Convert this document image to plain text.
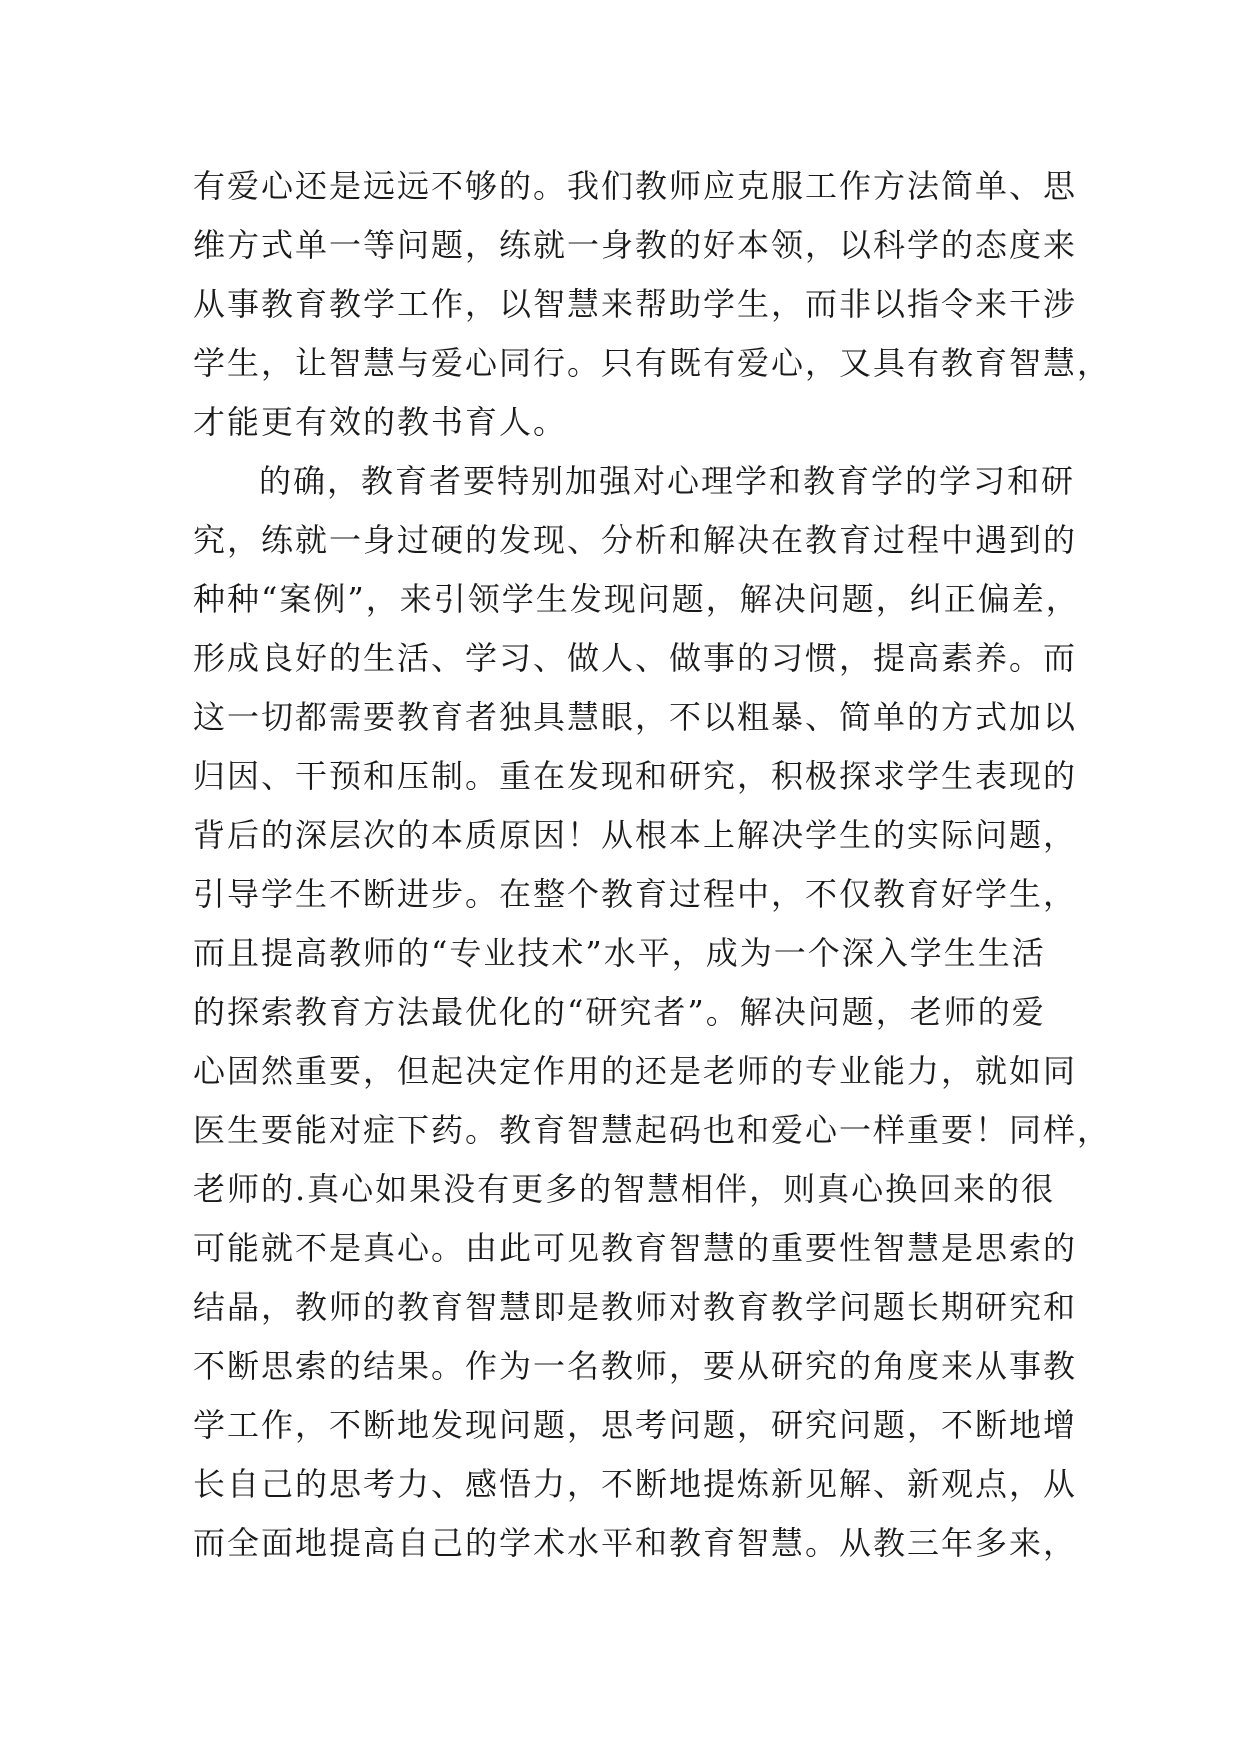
有爱心还是远远不够的。我们教师应克服工作方法简单、思
维方式单一等问题，练就一身教的好本领，以科学的态度来
从事教育教学工作，以智慧来帮助学生，而非以指令来干涉
学生，让智慧与爱心同行。只有既有爱心，又具有教育智慧，
才能更有效的教书育人。

的确，教育者要特别加强对心理学和教育学的学习和研
究，练就一身过硬的发现、分析和解决在教育过程中遇到的
种种“案例”，来引领学生发现问题，解决问题，纠正偏差，
形成良好的生活、学习、做人、做事的习惯，提高素养。而
这一切都需要教育者独具慧眼，不以粗暴、简单的方式加以
归因、干预和压制。重在发现和研究，积极探求学生表现的
背后的深层次的本质原因！从根本上解决学生的实际问题，
引导学生不断进步。在整个教育过程中，不仅教育好学生，
而且提高教师的“专业技术”水平，成为一个深入学生生活
的探索教育方法最优化的“研究者”。解决问题，老师的爱
心固然重要，但起决定作用的还是老师的专业能力，就如同
医生要能对症下药。教育智慧起码也和爱心一样重要！同样，
老师的.真心如果没有更多的智慧相伴，则真心换回来的很
可能就不是真心。由此可见教育智慧的重要性智慧是思索的
结晶，教师的教育智慧即是教师对教育教学问题长期研究和
不断思索的结果。作为一名教师，要从研究的角度来从事教
学工作，不断地发现问题，思考问题，研究问题，不断地增
长自己的思考力、感悟力，不断地提炼新见解、新观点，从
而全面地提高自己的学术水平和教育智慧。从教三年多来，
